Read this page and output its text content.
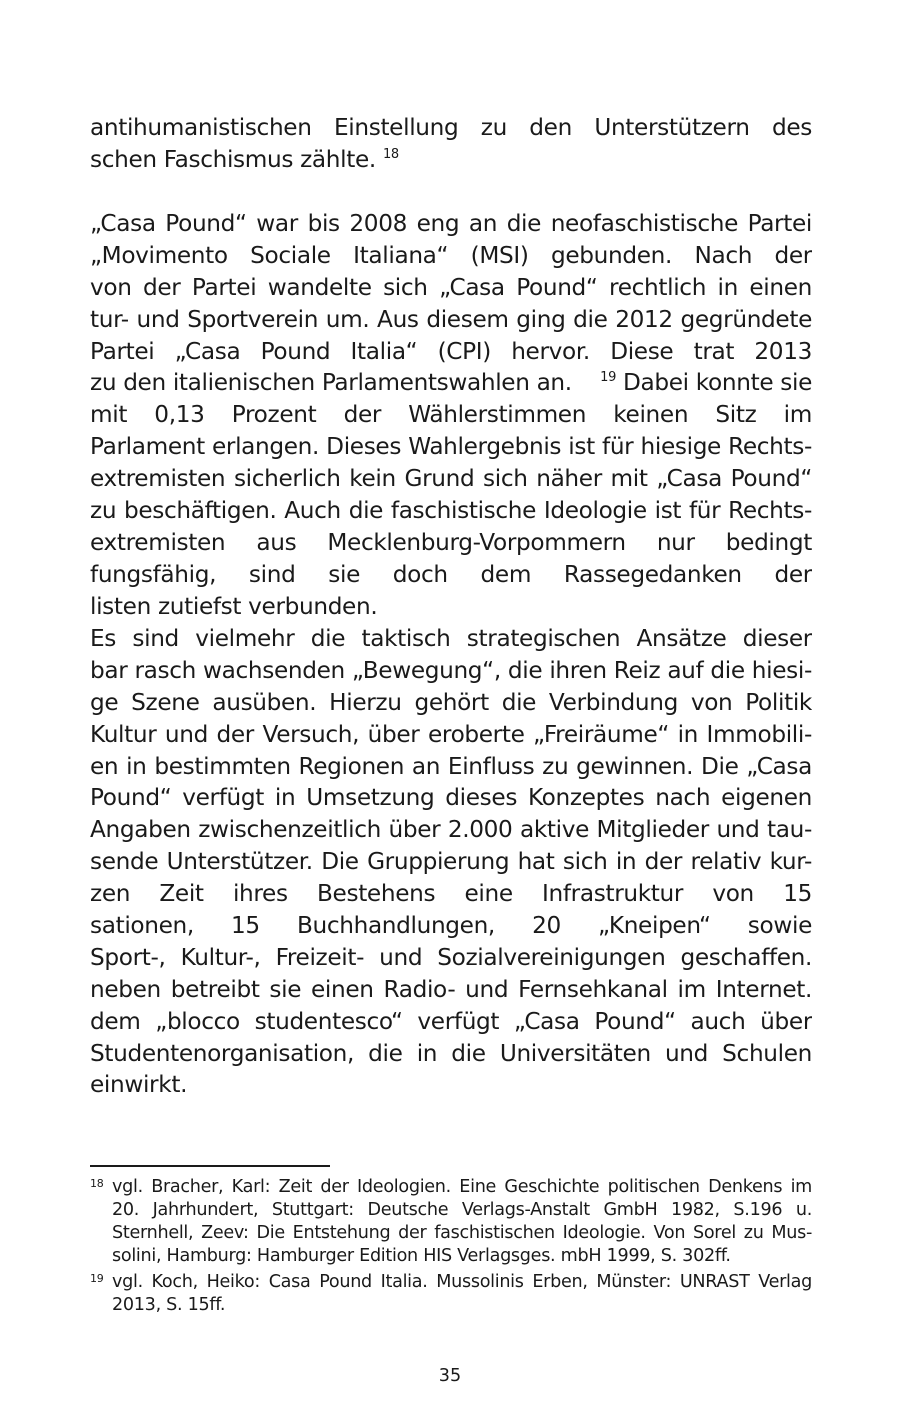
antihumanistischen Einstellung zu den Unterstützern des
schen Faschismus zählte. $^{18}$
„Casa Pound“ war bis 2008 eng an die neofaschistische Partei
„Movimento Sociale Italiana“ (MSI) gebunden. Nach der
von der Partei wandelte sich „Casa Pound“ rechtlich in einen
tur- und Sportverein um. Aus diesem ging die 2012 gegründete
Partei „Casa Pound Italia“ (CPI) hervor. Diese trat 2013
zu den italienischen Parlamentswahlen an. $^{19}$ Dabei konnte sie
mit 0,13 Prozent der Wählerstimmen keinen Sitz im
Parlament erlangen. Dieses Wahlergebnis ist für hiesige Rechts-
extremisten sicherlich kein Grund sich näher mit „Casa Pound“
zu beschäftigen. Auch die faschistische Ideologie ist für Rechts-
extremisten aus Mecklenburg-Vorpommern nur bedingt
fungsfähig, sind sie doch dem Rassegedanken der
listen zutiefst verbunden.
Es sind vielmehr die taktisch strategischen Ansätze dieser
bar rasch wachsenden „Bewegung“, die ihren Reiz auf die hiesi-
ge Szene ausüben. Hierzu gehört die Verbindung von Politik
Kultur und der Versuch, über eroberte „Freiräume“ in Immobili-
en in bestimmten Regionen an Einfluss zu gewinnen. Die „Casa
Pound“ verfügt in Umsetzung dieses Konzeptes nach eigenen
Angaben zwischenzeitlich über 2.000 aktive Mitglieder und tau-
sende Unterstützer. Die Gruppierung hat sich in der relativ kur-
zen Zeit ihres Bestehens eine Infrastruktur von 15
sationen, 15 Buchhandlungen, 20 „Kneipen“ sowie
Sport-, Kultur-, Freizeit- und Sozialvereinigungen geschaffen.
neben betreibt sie einen Radio- und Fernsehkanal im Internet.
dem „blocco studentesco“ verfügt „Casa Pound“ auch über
Studentenorganisation, die in die Universitäten und Schulen
einwirkt.
18 vgl. Bracher, Karl: Zeit der Ideologien. Eine Geschichte politischen Denkens im
20. Jahrhundert, Stuttgart: Deutsche Verlags-Anstalt GmbH 1982, S.196 u.
Sternhell, Zeev: Die Entstehung der faschistischen Ideologie. Von Sorel zu Mus-
solini, Hamburg: Hamburger Edition HIS Verlagsges. mbH 1999, S. 302ff.
19 vgl. Koch, Heiko: Casa Pound Italia. Mussolinis Erben, Münster: UNRAST Verlag
2013, S. 15ff.
35
